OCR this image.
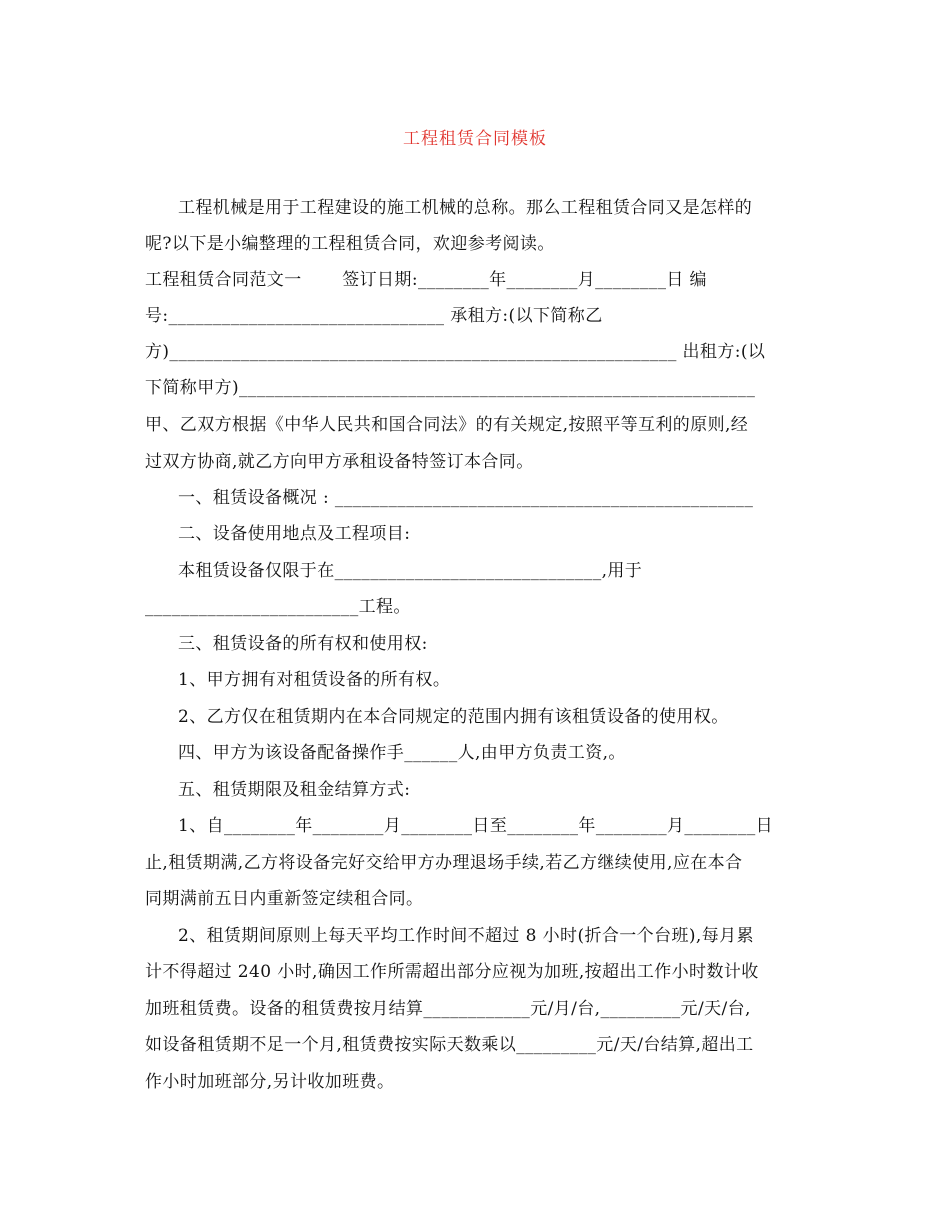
工程租赁合同模板
工程机械是用于工程建设的施工机械的总称。那么工程租赁合同又是怎样的
呢?以下是小编整理的工程租赁合同，欢迎参考阅读。
工程租赁合同范文一       签订日期:________年________月________日 编
号:_______________________________ 承租方:(以下简称乙
方)_________________________________________________________ 出租方:(以
下简称甲方)__________________________________________________________
甲、乙双方根据《中华人民共和国合同法》的有关规定,按照平等互利的原则,经
过双方协商,就乙方向甲方承租设备特签订本合同。
一、租赁设备概况 : _______________________________________________
二、设备使用地点及工程项目:
本租赁设备仅限于在______________________________,用于
________________________工程。
三、租赁设备的所有权和使用权:
1、甲方拥有对租赁设备的所有权。
2、乙方仅在租赁期内在本合同规定的范围内拥有该租赁设备的使用权。
四、甲方为该设备配备操作手______人,由甲方负责工资,。
五、租赁期限及租金结算方式:
1、自________年________月________日至________年________月________日
止,租赁期满,乙方将设备完好交给甲方办理退场手续,若乙方继续使用,应在本合
同期满前五日内重新签定续租合同。
2、租赁期间原则上每天平均工作时间不超过 8 小时(折合一个台班),每月累
计不得超过 240 小时,确因工作所需超出部分应视为加班,按超出工作小时数计收
加班租赁费。设备的租赁费按月结算____________元/月/台,_________元/天/台,
如设备租赁期不足一个月,租赁费按实际天数乘以_________元/天/台结算,超出工
作小时加班部分,另计收加班费。
